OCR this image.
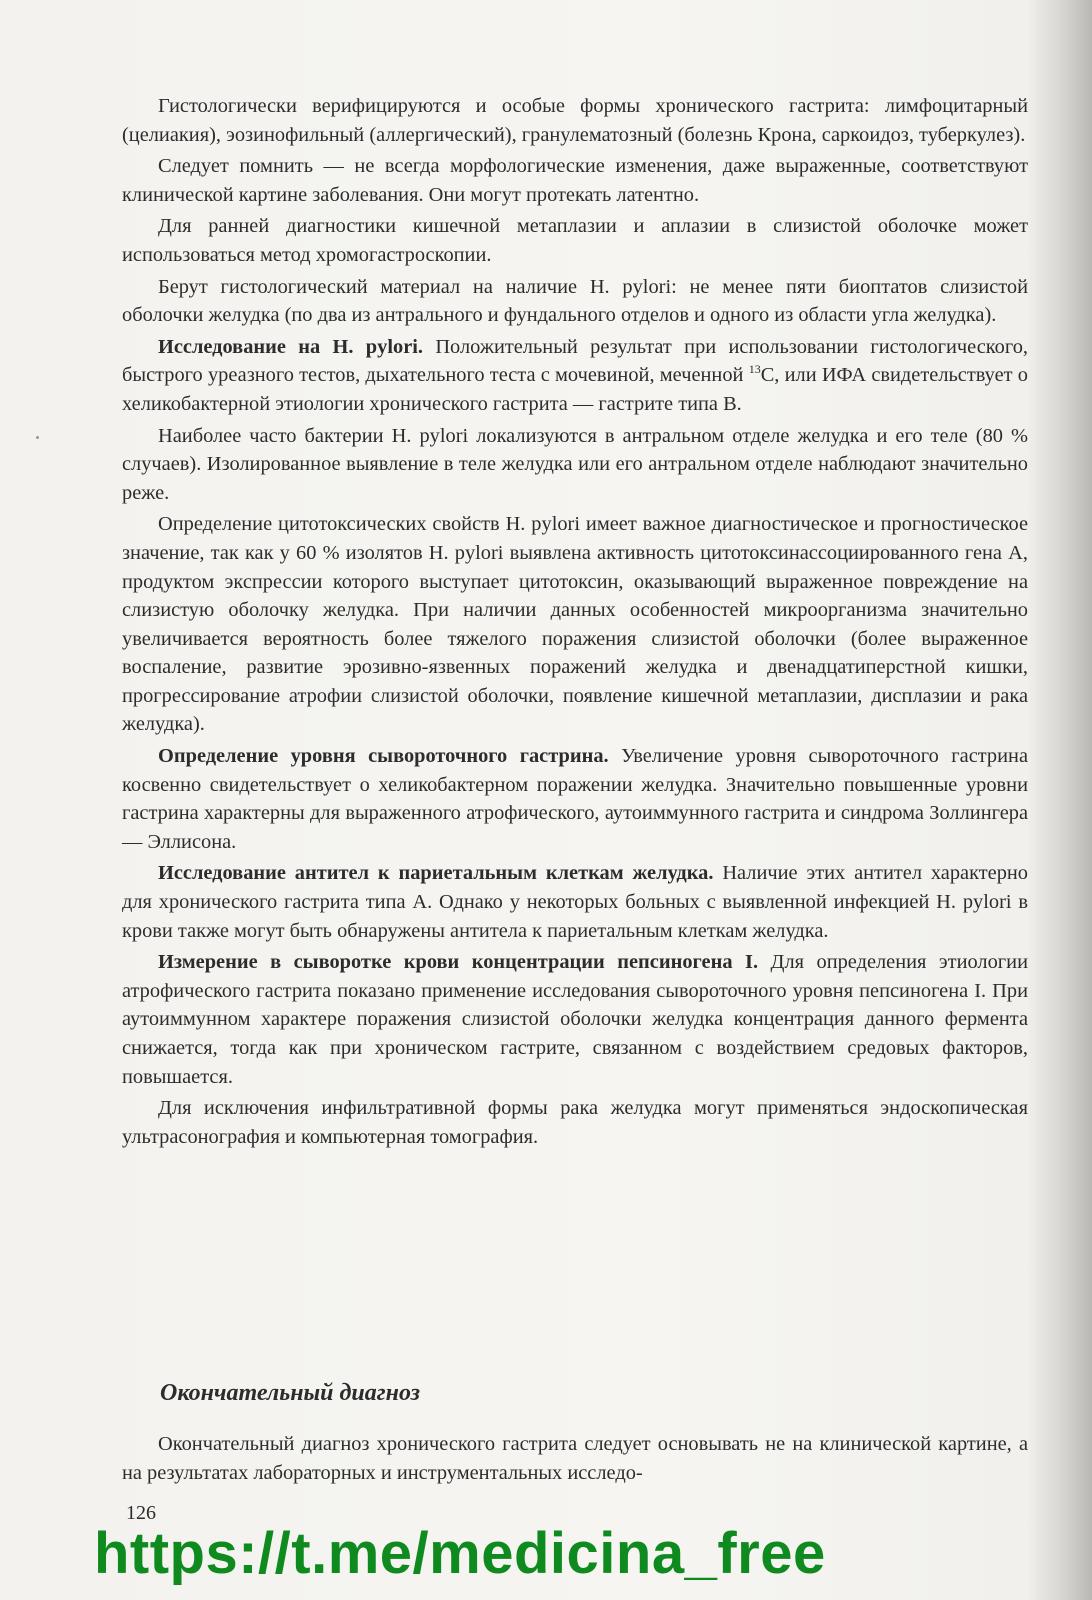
Гистологически верифицируются и особые формы хронического гастрита: лимфоцитарный (целиакия), эозинофильный (аллергический), гранулематозный (болезнь Крона, саркоидоз, туберкулез).

Следует помнить — не всегда морфологические изменения, даже выраженные, соответствуют клинической картине заболевания. Они могут протекать латентно.

Для ранней диагностики кишечной метаплазии и аплазии в слизистой оболочке может использоваться метод хромогастроскопии.

Берут гистологический материал на наличие H. pylori: не менее пяти биоптатов слизистой оболочки желудка (по два из антрального и фундального отделов и одного из области угла желудка).

Исследование на H. pylori. Положительный результат при использовании гистологического, быстрого уреазного тестов, дыхательного теста с мочевиной, меченной $^{13}$C, или ИФА свидетельствует о хеликобактерной этиологии хронического гастрита — гастрите типа B.

Наиболее часто бактерии H. pylori локализуются в антральном отделе желудка и его теле (80 % случаев). Изолированное выявление в теле желудка или его антральном отделе наблюдают значительно реже.

Определение цитотоксических свойств H. pylori имеет важное диагностическое и прогностическое значение, так как у 60 % изолятов H. pylori выявлена активность цитотоксинассоциированного гена А, продуктом экспрессии которого выступает цитотоксин, оказывающий выраженное повреждение на слизистую оболочку желудка. При наличии данных особенностей микроорганизма значительно увеличивается вероятность более тяжелого поражения слизистой оболочки (более выраженное воспаление, развитие эрозивно-язвенных поражений желудка и двенадцатиперстной кишки, прогрессирование атрофии слизистой оболочки, появление кишечной метаплазии, дисплазии и рака желудка).

Определение уровня сывороточного гастрина. Увеличение уровня сывороточного гастрина косвенно свидетельствует о хеликобактерном поражении желудка. Значительно повышенные уровни гастрина характерны для выраженного атрофического, аутоиммунного гастрита и синдрома Золлингера — Эллисона.

Исследование антител к париетальным клеткам желудка. Наличие этих антител характерно для хронического гастрита типа А. Однако у некоторых больных с выявленной инфекцией H. pylori в крови также могут быть обнаружены антитела к париетальным клеткам желудка.

Измерение в сыворотке крови концентрации пепсиногена I. Для определения этиологии атрофического гастрита показано применение исследования сывороточного уровня пепсиногена I. При аутоиммунном характере поражения слизистой оболочки желудка концентрация данного фермента снижается, тогда как при хроническом гастрите, связанном с воздействием средовых факторов, повышается.

Для исключения инфильтративной формы рака желудка могут применяться эндоскопическая ультрасонография и компьютерная томография.

Окончательный диагноз

Окончательный диагноз хронического гастрита следует основывать не на клинической картине, а на результатах лабораторных и инструментальных исследо-

126
https://t.me/medicina_free
